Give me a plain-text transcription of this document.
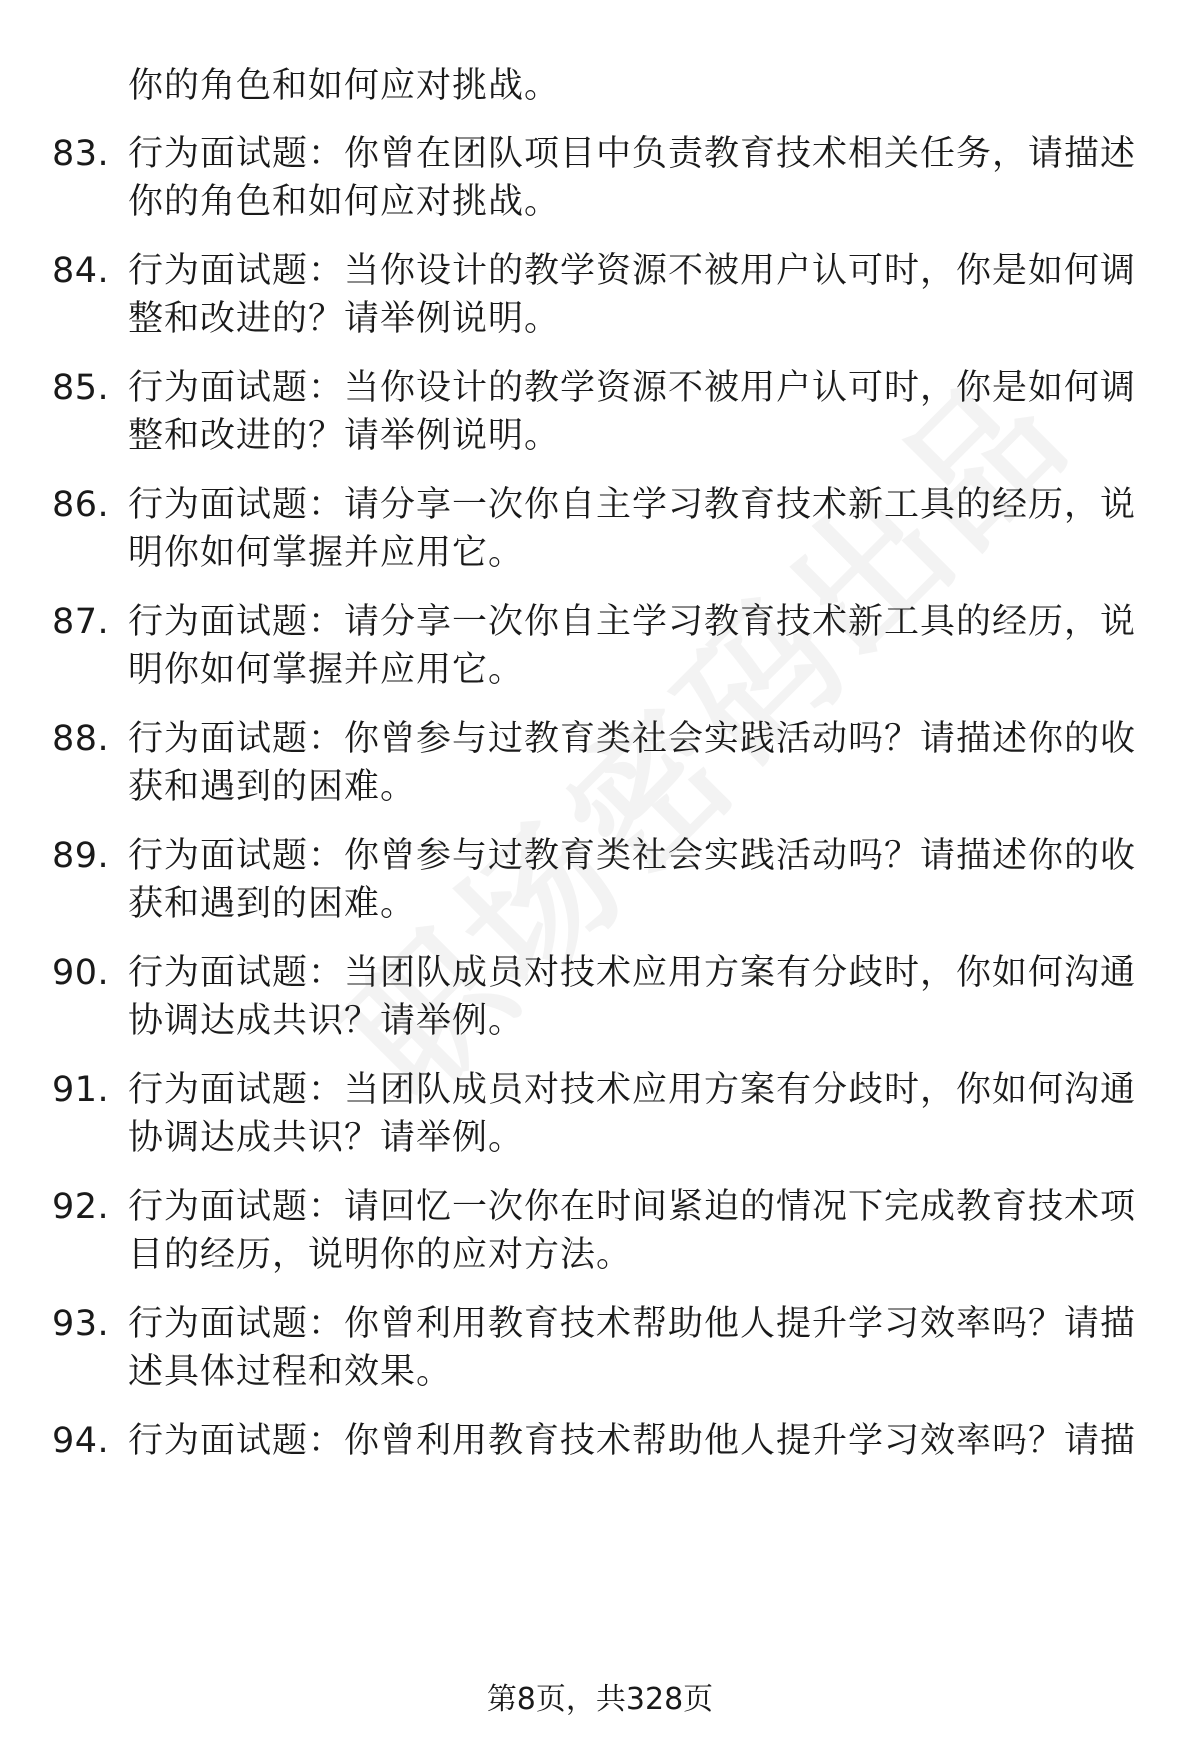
你的角色和如何应对挑战。
83. 行为面试题：你曾在团队项目中负责教育技术相关任务，请描述
你的角色和如何应对挑战。
84. 行为面试题：当你设计的教学资源不被用户认可时，你是如何调
整和改进的？请举例说明。
85. 行为面试题：当你设计的教学资源不被用户认可时，你是如何调
整和改进的？请举例说明。
86. 行为面试题：请分享一次你自主学习教育技术新工具的经历，说
明你如何掌握并应用它。
87. 行为面试题：请分享一次你自主学习教育技术新工具的经历，说
明你如何掌握并应用它。
88. 行为面试题：你曾参与过教育类社会实践活动吗？请描述你的收
获和遇到的困难。
89. 行为面试题：你曾参与过教育类社会实践活动吗？请描述你的收
获和遇到的困难。
90. 行为面试题：当团队成员对技术应用方案有分歧时，你如何沟通
协调达成共识？请举例。
91. 行为面试题：当团队成员对技术应用方案有分歧时，你如何沟通
协调达成共识？请举例。
92. 行为面试题：请回忆一次你在时间紧迫的情况下完成教育技术项
目的经历，说明你的应对方法。
93. 行为面试题：你曾利用教育技术帮助他人提升学习效率吗？请描
述具体过程和效果。
94. 行为面试题：你曾利用教育技术帮助他人提升学习效率吗？请描
第8页，共328页
